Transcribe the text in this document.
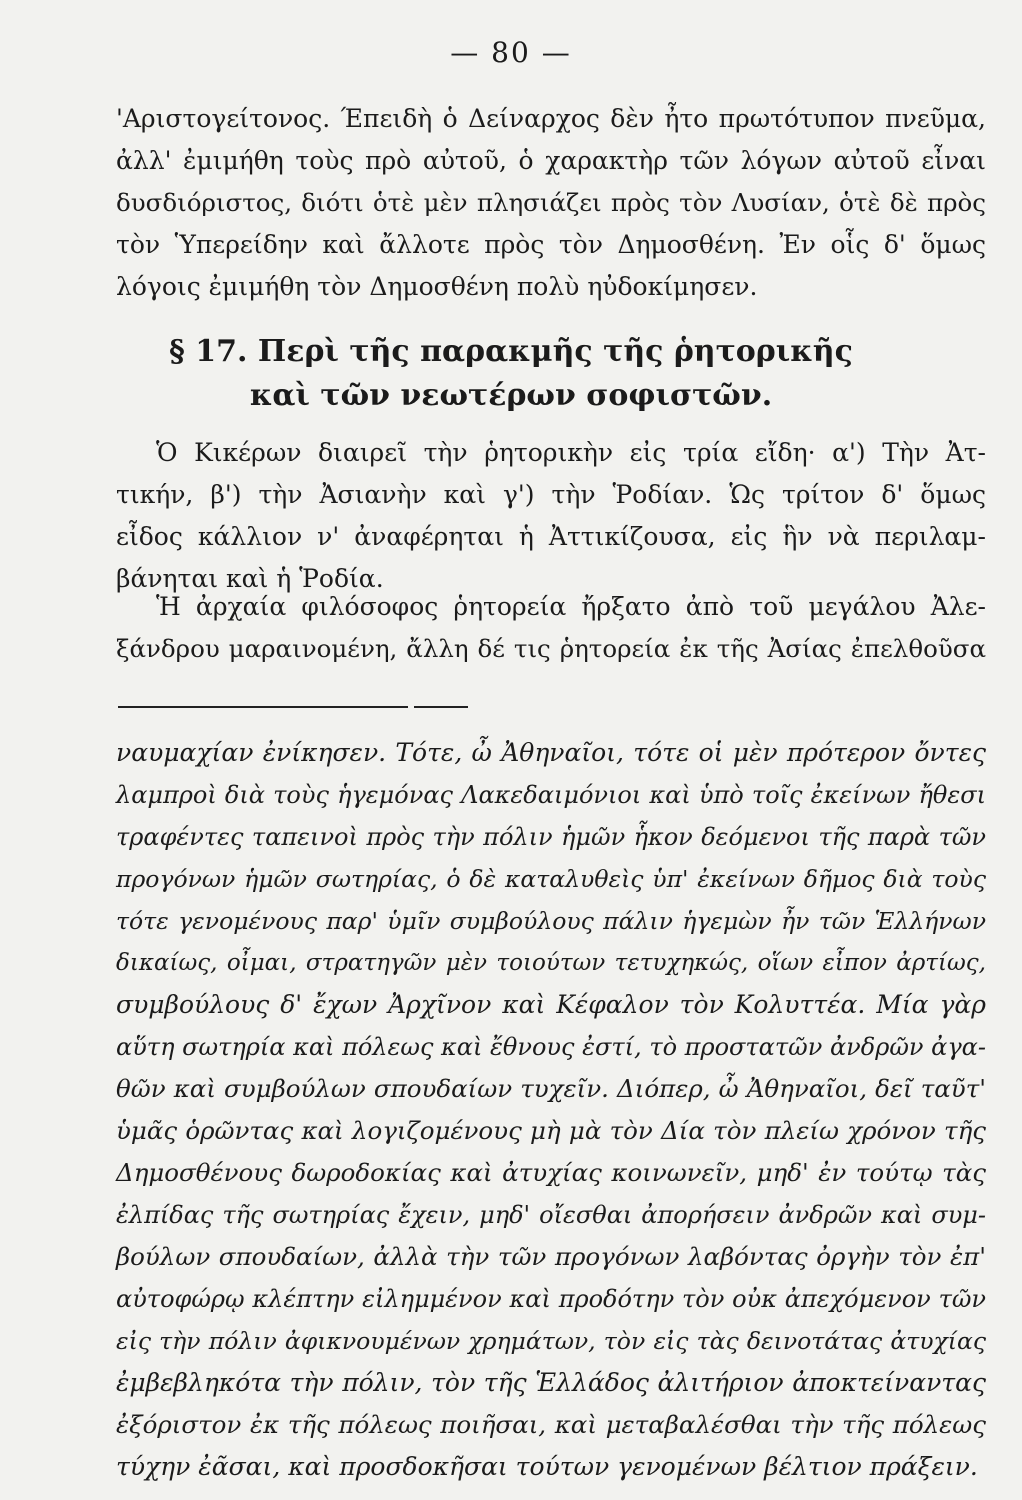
— 80 —
'Αριστογείτονος. Έπειδὴ ὁ Δείναρχος δὲν ἦτο πρωτότυπον πνεῦμα,
ἀλλ' ἐμιμήθη τοὺς πρὸ αὐτοῦ, ὁ χαρακτὴρ τῶν λόγων αὐτοῦ εἶναι
δυσδιόριστος, διότι ὁτὲ μὲν πλησιάζει πρὸς τὸν Λυσίαν, ὁτὲ δὲ πρὸς
τὸν Ὑπερείδην καὶ ἄλλοτε πρὸς τὸν Δημοσθένη. Ἐν οἷς δ' ὅμως
λόγοις ἐμιμήθη τὸν Δημοσθένη πολὺ ηὐδοκίμησεν.
§ 17. Περὶ τῆς παρακμῆς τῆς ῥητορικῆς
καὶ τῶν νεωτέρων σοφιστῶν.
Ὁ Κικέρων διαιρεῖ τὴν ῥητορικὴν εἰς τρία εἴδη· α') Τὴν Ἀτ-
τικήν, β') τὴν Ἀσιανὴν καὶ γ') τὴν Ῥοδίαν. Ὡς τρίτον δ' ὅμως
εἶδος κάλλιον ν' ἀναφέρηται ἡ Ἀττικίζουσα, εἰς ἣν νὰ περιλαμ-
βάνηται καὶ ἡ Ῥοδία.
Ἡ ἀρχαία φιλόσοφος ῥητορεία ἤρξατο ἀπὸ τοῦ μεγάλου Ἀλε-
ξάνδρου μαραινομένη, ἄλλη δέ τις ῥητορεία ἐκ τῆς Ἀσίας ἐπελθοῦσα
ναυμαχίαν ἐνίκησεν. Τότε, ὦ Ἀθηναῖοι, τότε οἱ μὲν πρότερον ὄντες
λαμπροὶ διὰ τοὺς ἡγεμόνας Λακεδαιμόνιοι καὶ ὑπὸ τοῖς ἐκείνων ἤθεσι
τραφέντες ταπεινοὶ πρὸς τὴν πόλιν ἡμῶν ἧκον δεόμενοι τῆς παρὰ τῶν
προγόνων ἡμῶν σωτηρίας, ὁ δὲ καταλυθεὶς ὑπ' ἐκείνων δῆμος διὰ τοὺς
τότε γενομένους παρ' ὑμῖν συμβούλους πάλιν ἡγεμὼν ἦν τῶν Ἑλλήνων
δικαίως, οἶμαι, στρατηγῶν μὲν τοιούτων τετυχηκώς, οἵων εἶπον ἀρτίως,
συμβούλους δ' ἔχων Ἀρχῖνον καὶ Κέφαλον τὸν Κολυττέα. Μία γὰρ
αὕτη σωτηρία καὶ πόλεως καὶ ἔθνους ἐστί, τὸ προστατῶν ἀνδρῶν ἀγα-
θῶν καὶ συμβούλων σπουδαίων τυχεῖν. Διόπερ, ὦ Ἀθηναῖοι, δεῖ ταῦτ'
ὑμᾶς ὁρῶντας καὶ λογιζομένους μὴ μὰ τὸν Δία τὸν πλείω χρόνον τῆς
Δημοσθένους δωροδοκίας καὶ ἀτυχίας κοινωνεῖν, μηδ' ἐν τούτῳ τὰς
ἐλπίδας τῆς σωτηρίας ἔχειν, μηδ' οἴεσθαι ἀπορήσειν ἀνδρῶν καὶ συμ-
βούλων σπουδαίων, ἀλλὰ τὴν τῶν προγόνων λαβόντας ὀργὴν τὸν ἐπ'
αὐτοφώρῳ κλέπτην εἰλημμένον καὶ προδότην τὸν οὐκ ἀπεχόμενον τῶν
εἰς τὴν πόλιν ἀφικνουμένων χρημάτων, τὸν εἰς τὰς δεινοτάτας ἀτυχίας
ἐμβεβληκότα τὴν πόλιν, τὸν τῆς Ἑλλάδος ἀλιτήριον ἀποκτείναντας
ἐξόριστον ἐκ τῆς πόλεως ποιῆσαι, καὶ μεταβαλέσθαι τὴν τῆς πόλεως
τύχην ἐᾶσαι, καὶ προσδοκῆσαι τούτων γενομένων βέλτιον πράξειν.
